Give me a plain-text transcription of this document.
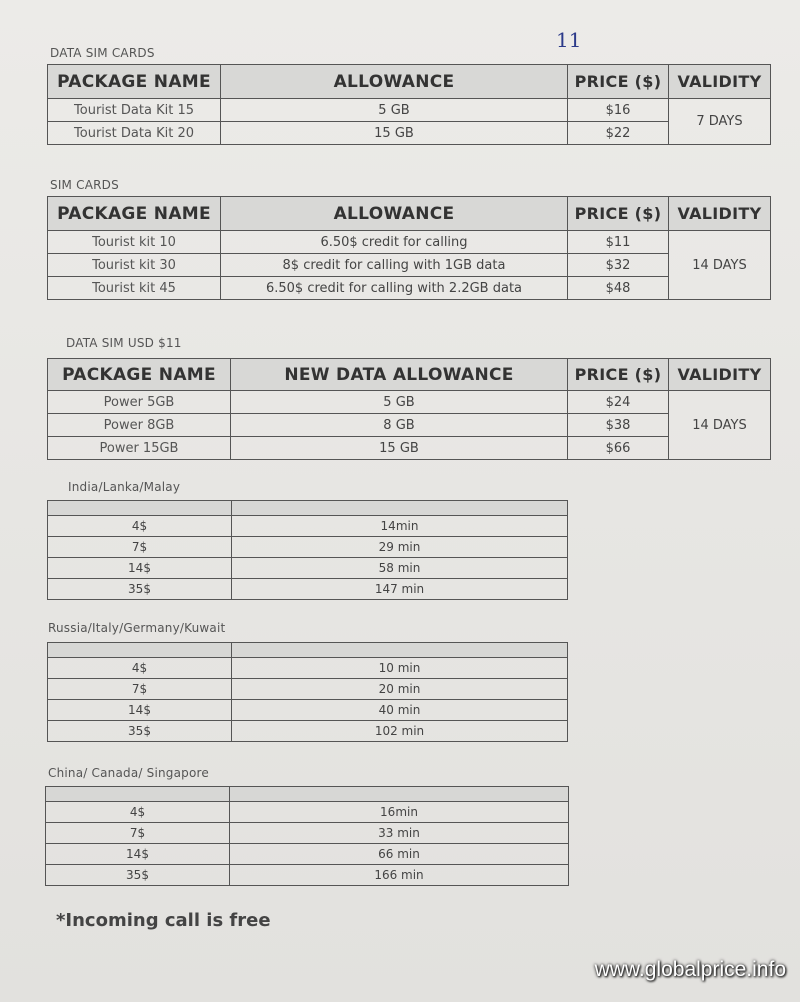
11
DATA SIM CARDS
PACKAGE NAME	ALLOWANCE	PRICE ($)	VALIDITY
Tourist Data Kit 15	5 GB	$16	7 DAYS
Tourist Data Kit 20	15 GB	$22	
SIM CARDS
PACKAGE NAME	ALLOWANCE	PRICE ($)	VALIDITY
Tourist kit 10	6.50$ credit for calling	$11	14 DAYS
Tourist kit 30	8$ credit for calling with 1GB data	$32	
Tourist kit 45	6.50$ credit for calling with 2.2GB data	$48	
DATA SIM USD $11
PACKAGE NAME	NEW DATA ALLOWANCE	PRICE ($)	VALIDITY
Power 5GB	5 GB	$24	14 DAYS
Power 8GB	8 GB	$38	
Power 15GB	15 GB	$66	
India/Lanka/Malay

4$	14min
7$	29 min
14$	58 min
35$	147 min
Russia/Italy/Germany/Kuwait

4$	10 min
7$	20 min
14$	40 min
35$	102 min
China/ Canada/ Singapore

4$	16min
7$	33 min
14$	66 min
35$	166 min
*Incoming call is free
www.globalprice.info
